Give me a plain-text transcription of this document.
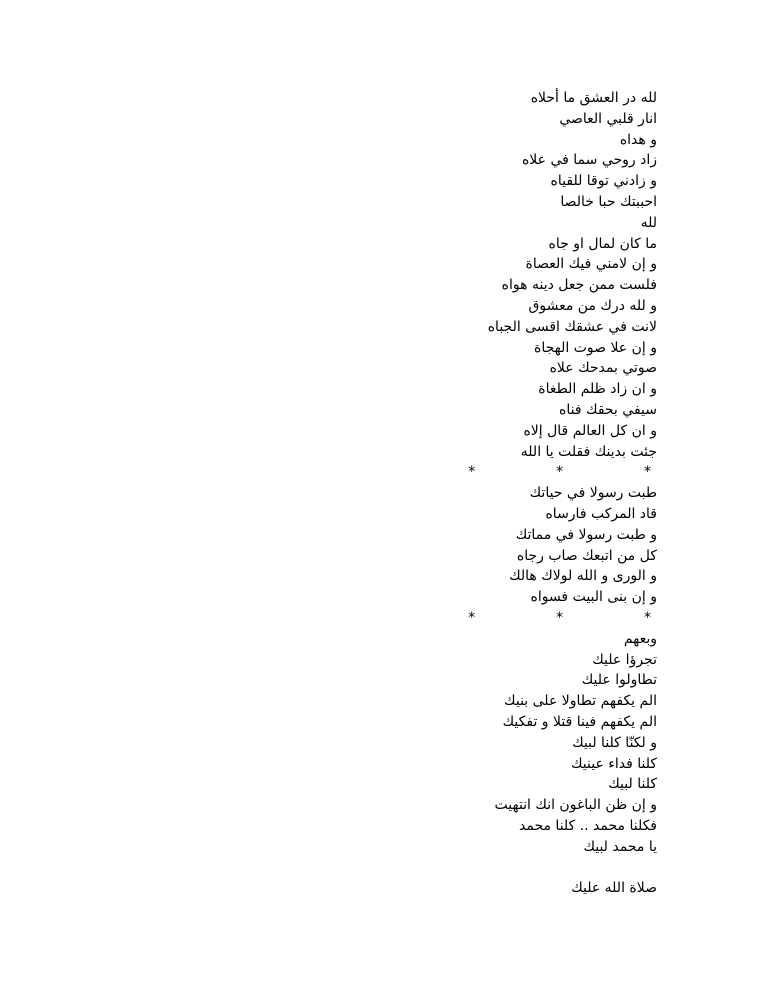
لله در العشق ما أحلاه
انار قلبي العاصي
و هداه
زاد روحي سما في علاه
و زادني توقا للقياه
احببتك حبا خالصا
لله
ما كان لمال او جاه
و إن لامني فيك العصاة
فلست ممن جعل دينه هواه
و لله درك من معشوق
لانت في عشقك اقسى الجباه
و إن علا صوت الهجاة
صوتي بمدحك علاه
و ان زاد ظلم الطغاة
سيفي بحقك فناه
و ان كل العالم قال إلاه
جئت بدينك فقلت يا الله
*  *  *
طبت رسولا في حياتك
قاد المركب فارساه
و طبت رسولا في مماتك
كل من اتبعك صاب رجاه
و الورى و الله لولاك هالك
و إن بنى البيت فسواه
*  *  *
وبعهم
تجرؤا عليك
تطاولوا عليك
الم يكفهم تطاولا على بنيك
الم يكفهم فينا قتلا و تفكيك
و لكنّا كلنا لبيك
كلنا فداء عينيك
كلنا لبيك
و إن ظن الباغون انك انتهيت
فكلنا محمد .. كلنا محمد
يا محمد لبيك
صلاة الله عليك
